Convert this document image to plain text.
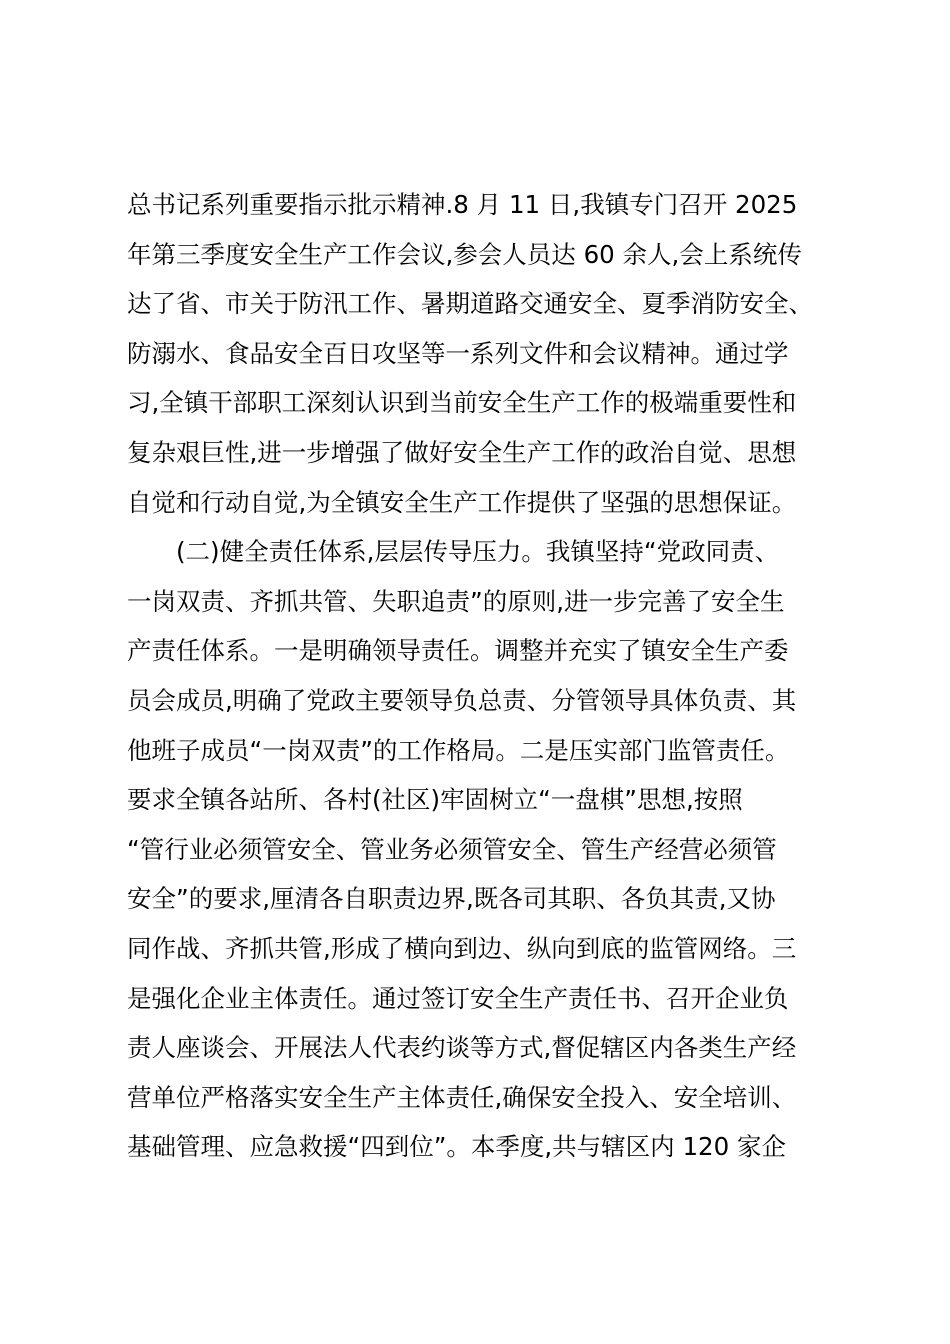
总书记系列重要指示批示精神.8 月 11 日,我镇专门召开 2025
年第三季度安全生产工作会议,参会人员达 60 余人,会上系统传
达了省、市关于防汛工作、暑期道路交通安全、夏季消防安全、
防溺水、食品安全百日攻坚等一系列文件和会议精神。通过学
习,全镇干部职工深刻认识到当前安全生产工作的极端重要性和
复杂艰巨性,进一步增强了做好安全生产工作的政治自觉、思想
自觉和行动自觉,为全镇安全生产工作提供了坚强的思想保证。
　　(二)健全责任体系,层层传导压力。我镇坚持“党政同责、
一岗双责、齐抓共管、失职追责”的原则,进一步完善了安全生
产责任体系。一是明确领导责任。调整并充实了镇安全生产委
员会成员,明确了党政主要领导负总责、分管领导具体负责、其
他班子成员“一岗双责”的工作格局。二是压实部门监管责任。
要求全镇各站所、各村(社区)牢固树立“一盘棋”思想,按照
“管行业必须管安全、管业务必须管安全、管生产经营必须管
安全”的要求,厘清各自职责边界,既各司其职、各负其责,又协
同作战、齐抓共管,形成了横向到边、纵向到底的监管网络。三
是强化企业主体责任。通过签订安全生产责任书、召开企业负
责人座谈会、开展法人代表约谈等方式,督促辖区内各类生产经
营单位严格落实安全生产主体责任,确保安全投入、安全培训、
基础管理、应急救援“四到位”。本季度,共与辖区内 120 家企
